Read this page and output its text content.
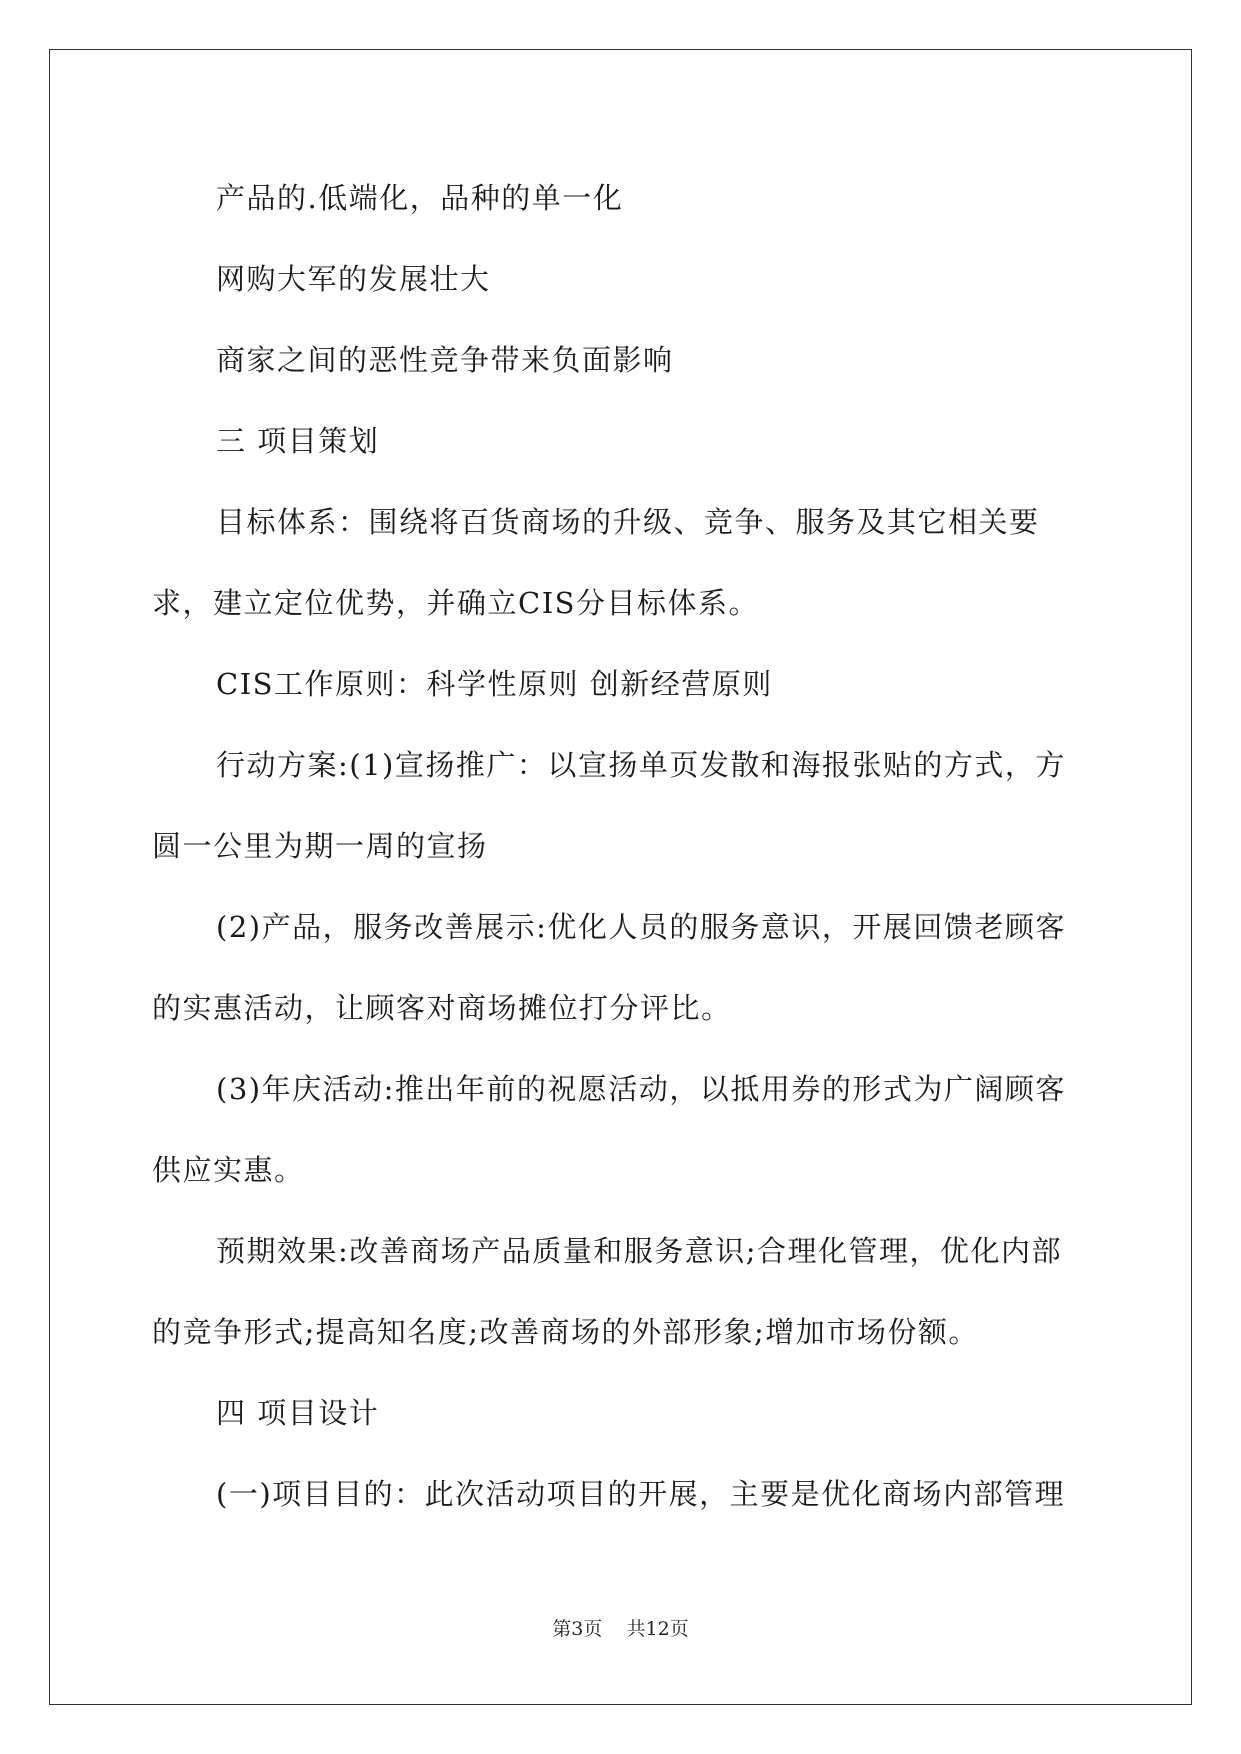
产品的.低端化，品种的单一化

网购大军的发展壮大

商家之间的恶性竞争带来负面影响

三 项目策划

目标体系：围绕将百货商场的升级、竞争、服务及其它相关要求，建立定位优势，并确立CIS分目标体系。

CIS工作原则：科学性原则 创新经营原则

行动方案:(1)宣扬推广：以宣扬单页发散和海报张贴的方式，方圆一公里为期一周的宣扬

(2)产品，服务改善展示:优化人员的服务意识，开展回馈老顾客的实惠活动，让顾客对商场摊位打分评比。

(3)年庆活动:推出年前的祝愿活动，以抵用券的形式为广阔顾客供应实惠。

预期效果:改善商场产品质量和服务意识;合理化管理，优化内部的竞争形式;提高知名度;改善商场的外部形象;增加市场份额。

四 项目设计

(一)项目目的：此次活动项目的开展，主要是优化商场内部管理

第3页 共12页
